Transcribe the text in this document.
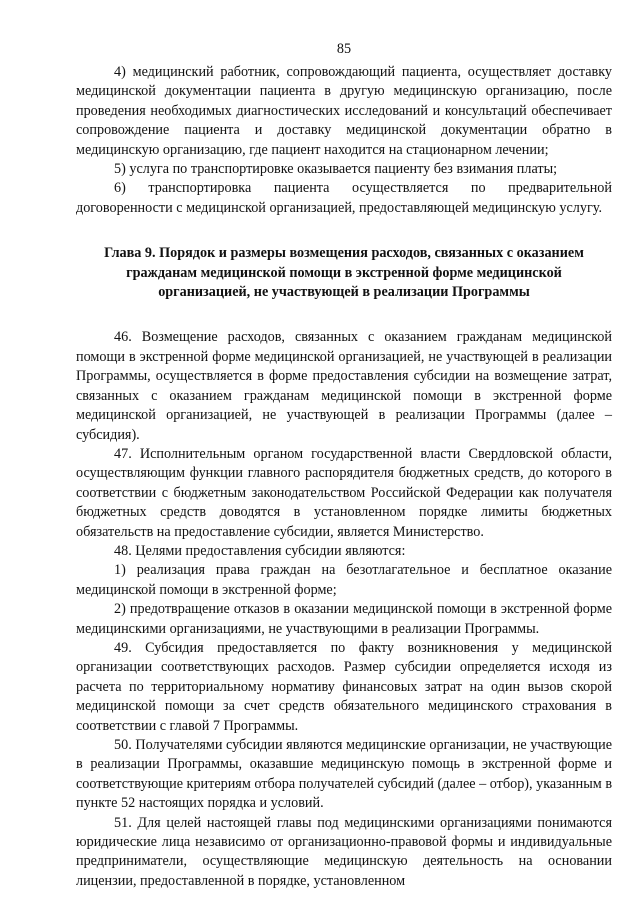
85

4) медицинский работник, сопровождающий пациента, осуществляет доставку медицинской документации пациента в другую медицинскую организацию, после проведения необходимых диагностических исследований и консультаций обеспечивает сопровождение пациента и доставку медицинской документации обратно в медицинскую организацию, где пациент находится на стационарном лечении;

5) услуга по транспортировке оказывается пациенту без взимания платы;

6) транспортировка пациента осуществляется по предварительной договоренности с медицинской организацией, предоставляющей медицинскую услугу.

Глава 9. Порядок и размеры возмещения расходов, связанных с оказанием гражданам медицинской помощи в экстренной форме медицинской организацией, не участвующей в реализации Программы

46. Возмещение расходов, связанных с оказанием гражданам медицинской помощи в экстренной форме медицинской организацией, не участвующей в реализации Программы, осуществляется в форме предоставления субсидии на возмещение затрат, связанных с оказанием гражданам медицинской помощи в экстренной форме медицинской организацией, не участвующей в реализации Программы (далее – субсидия).

47. Исполнительным органом государственной власти Свердловской области, осуществляющим функции главного распорядителя бюджетных средств, до которого в соответствии с бюджетным законодательством Российской Федерации как получателя бюджетных средств доводятся в установленном порядке лимиты бюджетных обязательств на предоставление субсидии, является Министерство.

48. Целями предоставления субсидии являются:

1) реализация права граждан на безотлагательное и бесплатное оказание медицинской помощи в экстренной форме;

2) предотвращение отказов в оказании медицинской помощи в экстренной форме медицинскими организациями, не участвующими в реализации Программы.

49. Субсидия предоставляется по факту возникновения у медицинской организации соответствующих расходов. Размер субсидии определяется исходя из расчета по территориальному нормативу финансовых затрат на один вызов скорой медицинской помощи за счет средств обязательного медицинского страхования в соответствии с главой 7 Программы.

50. Получателями субсидии являются медицинские организации, не участвующие в реализации Программы, оказавшие медицинскую помощь в экстренной форме и соответствующие критериям отбора получателей субсидий (далее – отбор), указанным в пункте 52 настоящих порядка и условий.

51. Для целей настоящей главы под медицинскими организациями понимаются юридические лица независимо от организационно-правовой формы и индивидуальные предприниматели, осуществляющие медицинскую деятельность на основании лицензии, предоставленной в порядке, установленном
